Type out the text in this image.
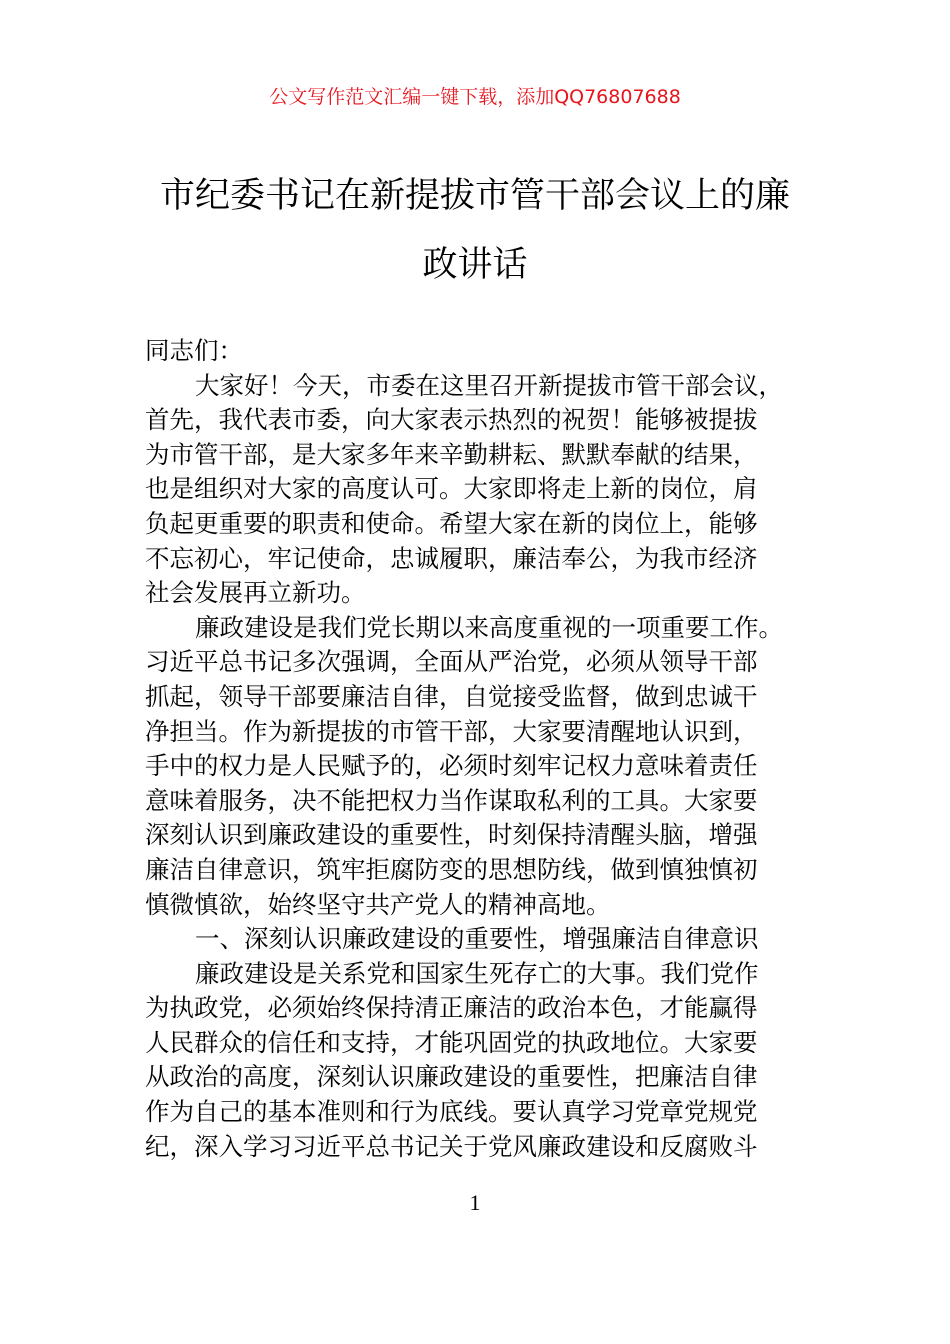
公文写作范文汇编一键下载，添加QQ76807688
市纪委书记在新提拔市管干部会议上的廉
政讲话
同志们：
大家好！今天，市委在这里召开新提拔市管干部会议，
首先，我代表市委，向大家表示热烈的祝贺！能够被提拔
为市管干部，是大家多年来辛勤耕耘、默默奉献的结果，
也是组织对大家的高度认可。大家即将走上新的岗位，肩
负起更重要的职责和使命。希望大家在新的岗位上，能够
不忘初心，牢记使命，忠诚履职，廉洁奉公，为我市经济
社会发展再立新功。
廉政建设是我们党长期以来高度重视的一项重要工作。
习近平总书记多次强调，全面从严治党，必须从领导干部
抓起，领导干部要廉洁自律，自觉接受监督，做到忠诚干
净担当。作为新提拔的市管干部，大家要清醒地认识到，
手中的权力是人民赋予的，必须时刻牢记权力意味着责任
意味着服务，决不能把权力当作谋取私利的工具。大家要
深刻认识到廉政建设的重要性，时刻保持清醒头脑，增强
廉洁自律意识，筑牢拒腐防变的思想防线，做到慎独慎初
慎微慎欲，始终坚守共产党人的精神高地。
一、深刻认识廉政建设的重要性，增强廉洁自律意识
廉政建设是关系党和国家生死存亡的大事。我们党作
为执政党，必须始终保持清正廉洁的政治本色，才能赢得
人民群众的信任和支持，才能巩固党的执政地位。大家要
从政治的高度，深刻认识廉政建设的重要性，把廉洁自律
作为自己的基本准则和行为底线。要认真学习党章党规党
纪，深入学习习近平总书记关于党风廉政建设和反腐败斗
1
